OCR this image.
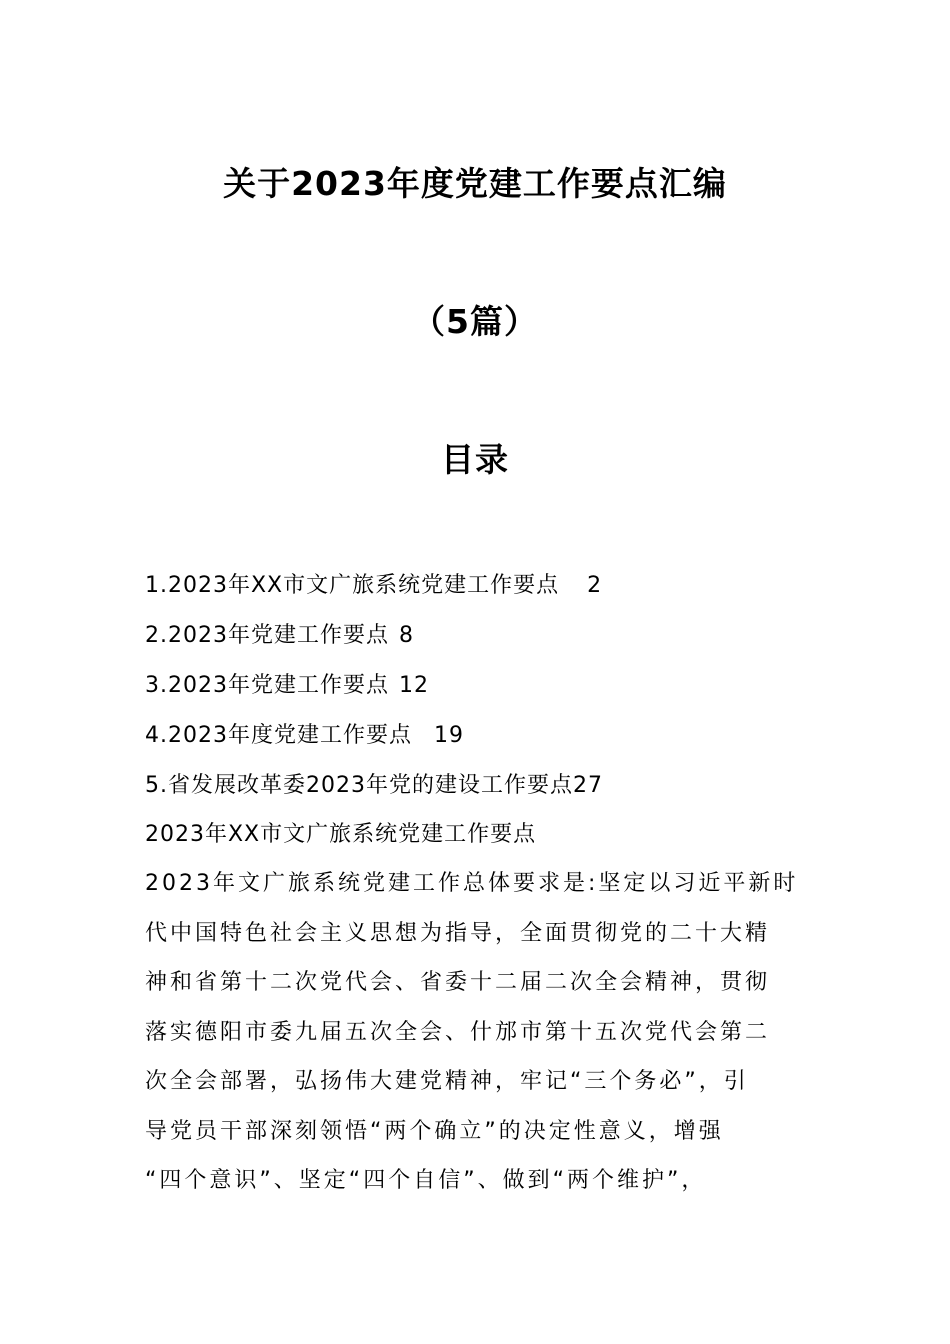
关于2023年度党建工作要点汇编
（5篇）
目录
1.2023年XX市文广旅系统党建工作要点 2
2.2023年党建工作要点 8
3.2023年党建工作要点 12
4.2023年度党建工作要点 19
5.省发展改革委2023年党的建设工作要点27
2023年XX市文广旅系统党建工作要点
2023年文广旅系统党建工作总体要求是:坚定以习近平新时
代中国特色社会主义思想为指导，全面贯彻党的二十大精
神和省第十二次党代会、省委十二届二次全会精神，贯彻
落实德阳市委九届五次全会、什邡市第十五次党代会第二
次全会部署，弘扬伟大建党精神，牢记“三个务必”，引
导党员干部深刻领悟“两个确立”的决定性意义，增强
“四个意识”、坚定“四个自信”、做到“两个维护”，
